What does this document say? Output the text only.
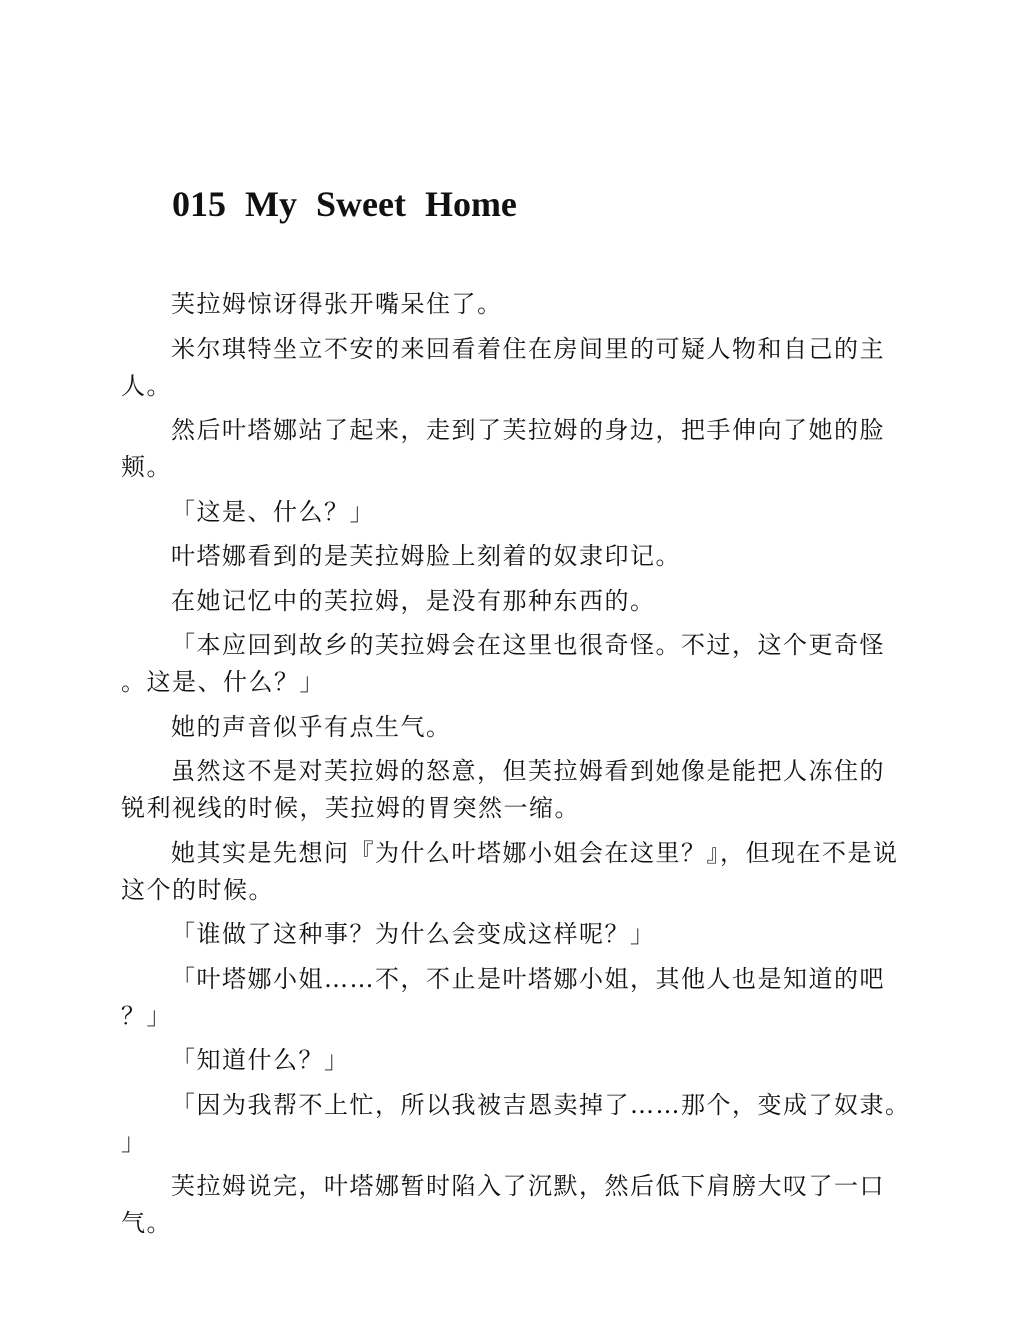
015 My Sweet Home

芙拉姆惊讶得张开嘴呆住了。

米尔琪特坐立不安的来回看着住在房间里的可疑人物和自己的主人。

然后叶塔娜站了起来，走到了芙拉姆的身边，把手伸向了她的脸颊。

「这是、什么？」

叶塔娜看到的是芙拉姆脸上刻着的奴隶印记。

在她记忆中的芙拉姆，是没有那种东西的。

「本应回到故乡的芙拉姆会在这里也很奇怪。不过，这个更奇怪。这是、什么？」

她的声音似乎有点生气。

虽然这不是对芙拉姆的怒意，但芙拉姆看到她像是能把人冻住的锐利视线的时候，芙拉姆的胃突然一缩。

她其实是先想问『为什么叶塔娜小姐会在这里？』，但现在不是说这个的时候。

「谁做了这种事？为什么会变成这样呢？」

「叶塔娜小姐……不，不止是叶塔娜小姐，其他人也是知道的吧？」

「知道什么？」

「因为我帮不上忙，所以我被吉恩卖掉了……那个，变成了奴隶。」

芙拉姆说完，叶塔娜暂时陷入了沉默，然后低下肩膀大叹了一口气。
